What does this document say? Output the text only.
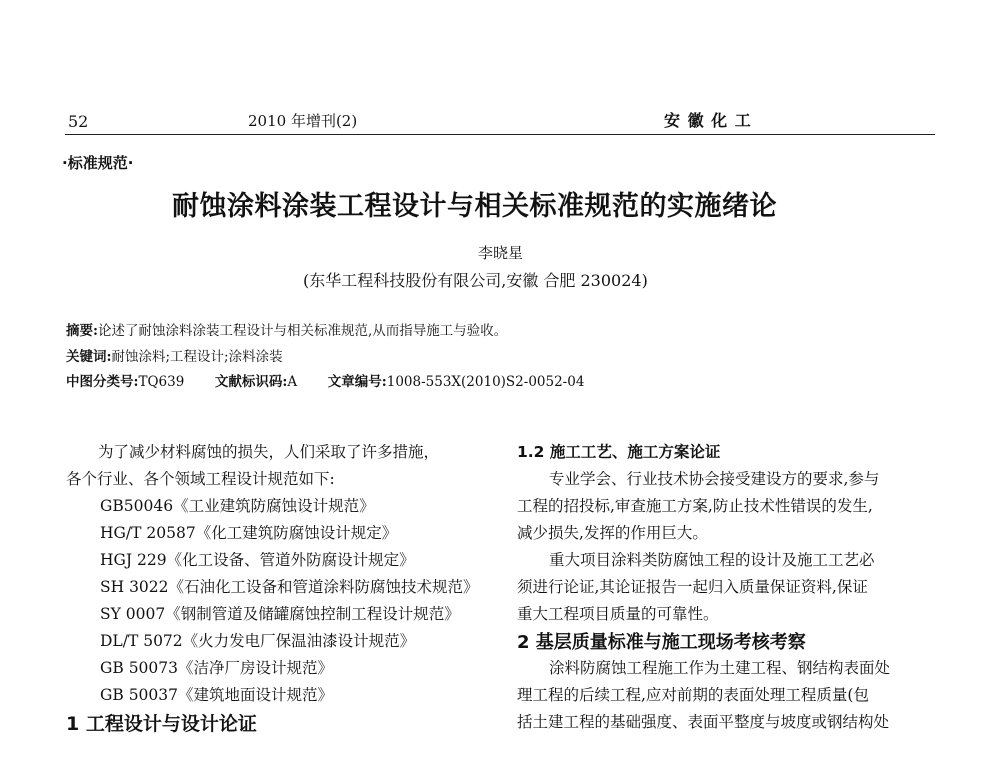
52	2010 年增刊(2)	安 徽 化 工
·标准规范·
耐蚀涂料涂装工程设计与相关标准规范的实施绪论
李晓星
(东华工程科技股份有限公司,安徽 合肥 230024)
摘要:论述了耐蚀涂料涂装工程设计与相关标准规范,从而指导施工与验收。
关键词:耐蚀涂料;工程设计;涂料涂装
中图分类号:TQ639 文献标识码:A 文章编号:1008-553X(2010)S2-0052-04
为了减少材料腐蚀的损失，人们采取了许多措施，
各个行业、各个领域工程设计规范如下:
GB50046《工业建筑防腐蚀设计规范》
HG/T 20587《化工建筑防腐蚀设计规定》
HGJ 229《化工设备、管道外防腐设计规定》
SH 3022《石油化工设备和管道涂料防腐蚀技术规范》
SY 0007《钢制管道及储罐腐蚀控制工程设计规范》
DL/T 5072《火力发电厂保温油漆设计规范》
GB 50073《洁净厂房设计规范》
GB 50037《建筑地面设计规范》
1 工程设计与设计论证
1.2 施工工艺、施工方案论证
专业学会、行业技术协会接受建设方的要求,参与
工程的招投标,审查施工方案,防止技术性错误的发生,
减少损失,发挥的作用巨大。
重大项目涂料类防腐蚀工程的设计及施工工艺必
须进行论证,其论证报告一起归入质量保证资料,保证
重大工程项目质量的可靠性。
2 基层质量标准与施工现场考核考察
涂料防腐蚀工程施工作为土建工程、钢结构表面处
理工程的后续工程,应对前期的表面处理工程质量(包
括土建工程的基础强度、表面平整度与坡度或钢结构处
